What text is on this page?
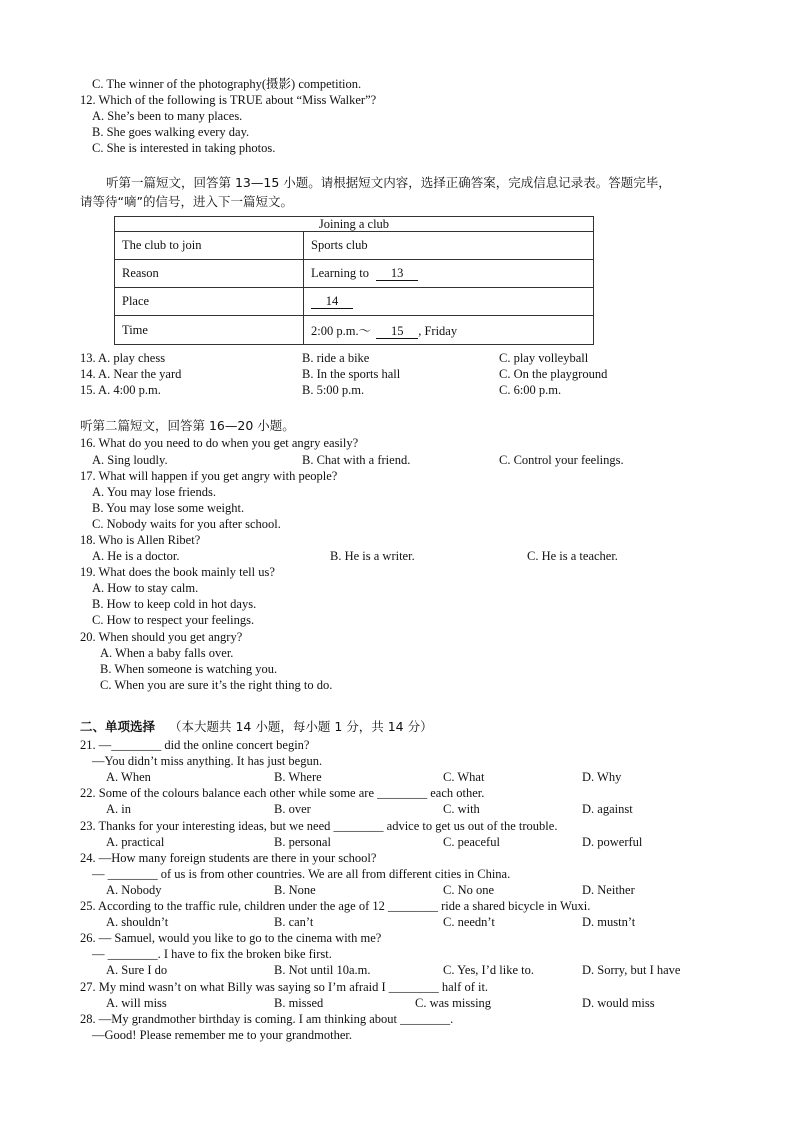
C. The winner of the photography(摄影) competition.
12. Which of the following is TRUE about “Miss Walker”?
A. She’s been to many places.
B. She goes walking every day.
C. She is interested in taking photos.
听第一篇短文，回答第 13—15 小题。请根据短文内容，选择正确答案，完成信息记录表。答题完毕，
请等待“嘀”的信号，进入下一篇短文。
Joining a club	
The club to join	Sports club
Reason	Learning to 13
Place	14
Time	2:00 p.m.～ 15 , Friday
13. A. play chess	B. ride a bike	C. play volleyball
14. A. Near the yard	B. In the sports hall	C. On the playground
15. A. 4:00 p.m.	B. 5:00 p.m.	C. 6:00 p.m.
听第二篇短文，回答第 16—20 小题。
16. What do you need to do when you get angry easily?
A. Sing loudly.	B. Chat with a friend.	C. Control your feelings.
17. What will happen if you get angry with people?
A. You may lose friends.
B. You may lose some weight.
C. Nobody waits for you after school.
18. Who is Allen Ribet?
A. He is a doctor.	B. He is a writer.	C. He is a teacher.
19. What does the book mainly tell us?
A. How to stay calm.
B. How to keep cold in hot days.
C. How to respect your feelings.
20. When should you get angry?
A. When a baby falls over.
B. When someone is watching you.
C. When you are sure it’s the right thing to do.
二、单项选择 （本大题共 14 小题，每小题 1 分，共 14 分）
21. —________ did the online concert begin?
—You didn’t miss anything. It has just begun.
A. When	B. Where	C. What	D. Why
22. Some of the colours balance each other while some are ________ each other.
A. in	B. over	C. with	D. against
23. Thanks for your interesting ideas, but we need ________ advice to get us out of the trouble.
A. practical	B. personal	C. peaceful	D. powerful
24. —How many foreign students are there in your school?
— ________ of us is from other countries. We are all from different cities in China.
A. Nobody	B. None	C. No one	D. Neither
25. According to the traffic rule, children under the age of 12 ________ ride a shared bicycle in Wuxi.
A. shouldn’t	B. can’t	C. needn’t	D. mustn’t
26. — Samuel, would you like to go to the cinema with me?
— ________. I have to fix the broken bike first.
A. Sure I do	B. Not until 10a.m.	C. Yes, I’d like to.	D. Sorry, but I have
27. My mind wasn’t on what Billy was saying so I’m afraid I ________ half of it.
A. will miss	B. missed	C. was missing	D. would miss
28. —My grandmother birthday is coming. I am thinking about ________.
—Good! Please remember me to your grandmother.
